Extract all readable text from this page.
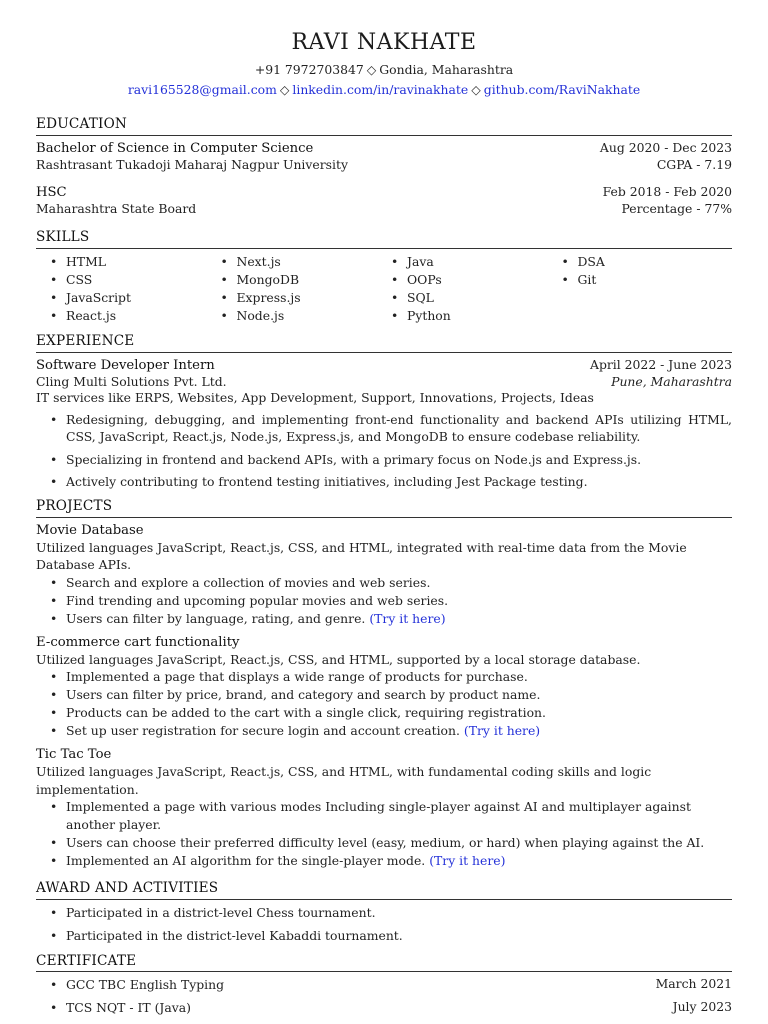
RAVI NAKHATE
+91 7972703847 ◇ Gondia, Maharashtra
ravi165528@gmail.com ◇ linkedin.com/in/ravinakhate ◇ github.com/RaviNakhate
EDUCATION
Bachelor of Science in Computer Science	Aug 2020 - Dec 2023
Rashtrasant Tukadoji Maharaj Nagpur University	CGPA - 7.19
HSC	Feb 2018 - Feb 2020
Maharashtra State Board	Percentage - 77%
SKILLS
• HTML
• CSS
• JavaScript
• React.js
• Next.js
• MongoDB
• Express.js
• Node.js
• Java
• OOPs
• SQL
• Python
• DSA
• Git
EXPERIENCE
Software Developer Intern	April 2022 - June 2023
Cling Multi Solutions Pvt. Ltd.	Pune, Maharashtra
IT services like ERPS, Websites, App Development, Support, Innovations, Projects, Ideas
• Redesigning, debugging, and implementing front-end functionality and backend APIs utilizing HTML, CSS, JavaScript, React.js, Node.js, Express.js, and MongoDB to ensure codebase reliability.
• Specializing in frontend and backend APIs, with a primary focus on Node.js and Express.js.
• Actively contributing to frontend testing initiatives, including Jest Package testing.
PROJECTS
Movie Database
Utilized languages JavaScript, React.js, CSS, and HTML, integrated with real-time data from the Movie Database APIs.
• Search and explore a collection of movies and web series.
• Find trending and upcoming popular movies and web series.
• Users can filter by language, rating, and genre. (Try it here)
E-commerce cart functionality
Utilized languages JavaScript, React.js, CSS, and HTML, supported by a local storage database.
• Implemented a page that displays a wide range of products for purchase.
• Users can filter by price, brand, and category and search by product name.
• Products can be added to the cart with a single click, requiring registration.
• Set up user registration for secure login and account creation. (Try it here)
Tic Tac Toe
Utilized languages JavaScript, React.js, CSS, and HTML, with fundamental coding skills and logic implementation.
• Implemented a page with various modes Including single-player against AI and multiplayer against another player.
• Users can choose their preferred difficulty level (easy, medium, or hard) when playing against the AI.
• Implemented an AI algorithm for the single-player mode. (Try it here)
AWARD AND ACTIVITIES
• Participated in a district-level Chess tournament.
• Participated in the district-level Kabaddi tournament.
CERTIFICATE
• GCC TBC English Typing	March 2021
• TCS NQT - IT (Java)	July 2023
